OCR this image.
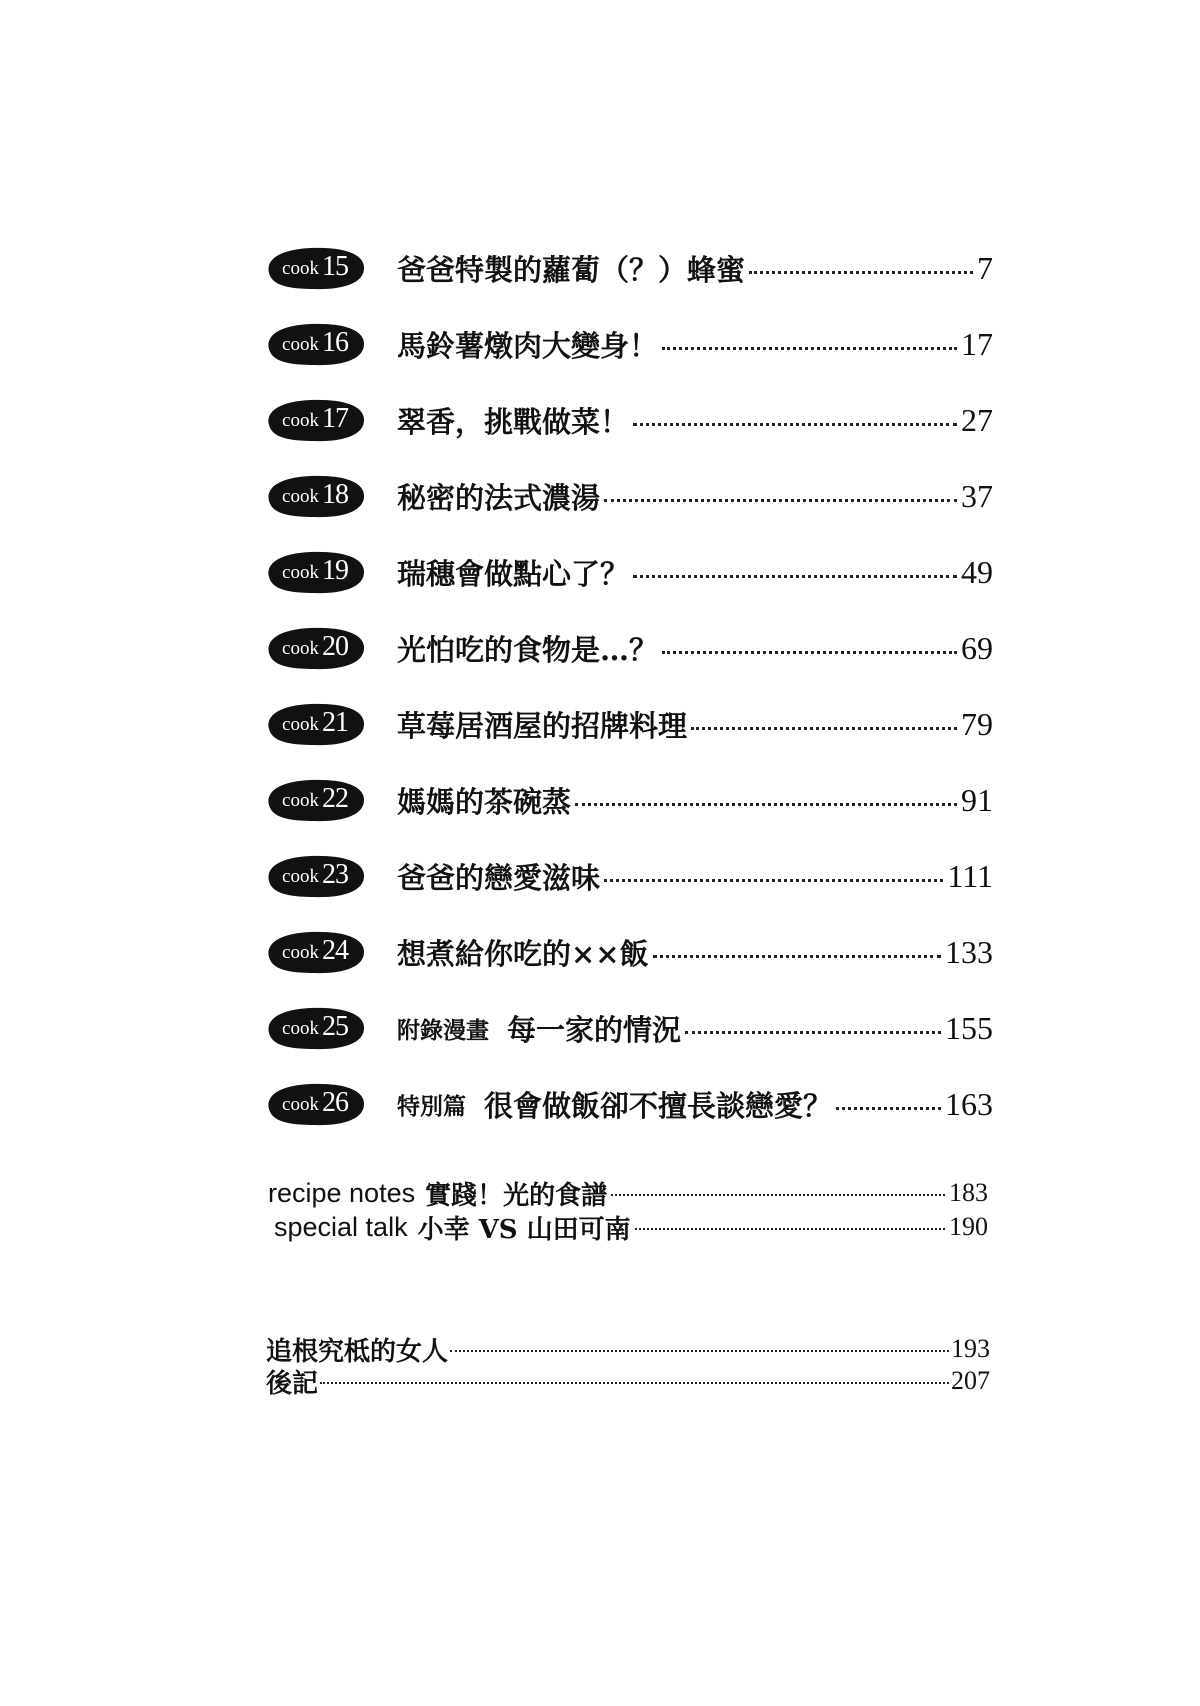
cook 15 爸爸特製的蘿蔔（？）蜂蜜	7
cook 16 馬鈴薯燉肉大變身！	17
cook 17 翠香，挑戰做菜！	27
cook 18 秘密的法式濃湯	37
cook 19 瑞穗會做點心了？	49
cook 20 光怕吃的食物是…？	69
cook 21 草莓居酒屋的招牌料理	79
cook 22 媽媽的茶碗蒸	91
cook 23 爸爸的戀愛滋味	111
cook 24 想煮給你吃的××飯	133
cook 25 附錄漫畫 每一家的情況	155
cook 26 特別篇 很會做飯卻不擅長談戀愛？	163
recipe notes 實踐！光的食譜	183
special talk 小幸 VS 山田可南	190
追根究柢的女人	193
後記	207
